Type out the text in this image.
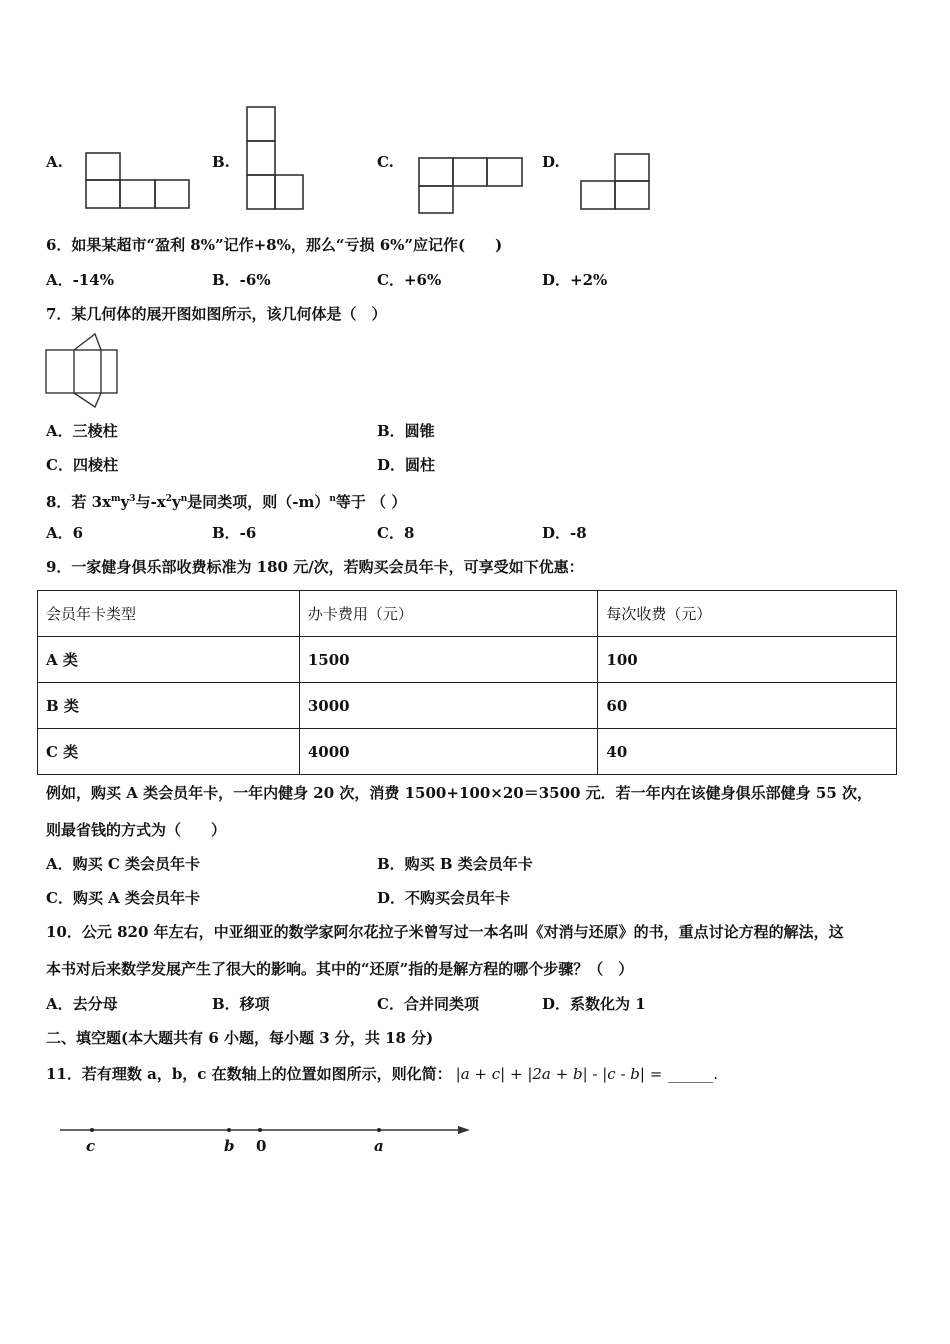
A.	B.	C.	D.
6．如果某超市“盈利 8%”记作+8%，那么“亏损 6%”应记作(　　)
A．-14%	B．-6%	C．+6%	D．+2%
7．某几何体的展开图如图所示，该几何体是（　）
A．三棱柱	B．圆锥
C．四棱柱	D．圆柱
8．若 $3x^my^3$与$-x^2y^n$是同类项，则$(-m)^n$等于 （ ）
A．6	B．-6	C．8	D．-8
9．一家健身俱乐部收费标准为 180 元/次，若购买会员年卡，可享受如下优惠：
会员年卡类型	办卡费用（元）	每次收费（元）
A 类	1500	100
B 类	3000	60
C 类	4000	40
例如，购买 A 类会员年卡，一年内健身 20 次，消费 1500+100×20＝3500 元．若一年内在该健身俱乐部健身 55 次，
则最省钱的方式为（　　）
A．购买 C 类会员年卡	B．购买 B 类会员年卡
C．购买 A 类会员年卡	D．不购买会员年卡
10．公元 820 年左右，中亚细亚的数学家阿尔花拉子米曾写过一本名叫《对消与还原》的书，重点讨论方程的解法，这
本书对后来数学发展产生了很大的影响。其中的“还原”指的是解方程的哪个步骤？（　）
A．去分母	B．移项	C．合并同类项	D．系数化为 1
二、填空题(本大题共有 6 小题，每小题 3 分，共 18 分)
11．若有理数 a，b，c 在数轴上的位置如图所示，则化简： |a + c| + |2a + b| - |c - b| = ______.
c	b 0	a
